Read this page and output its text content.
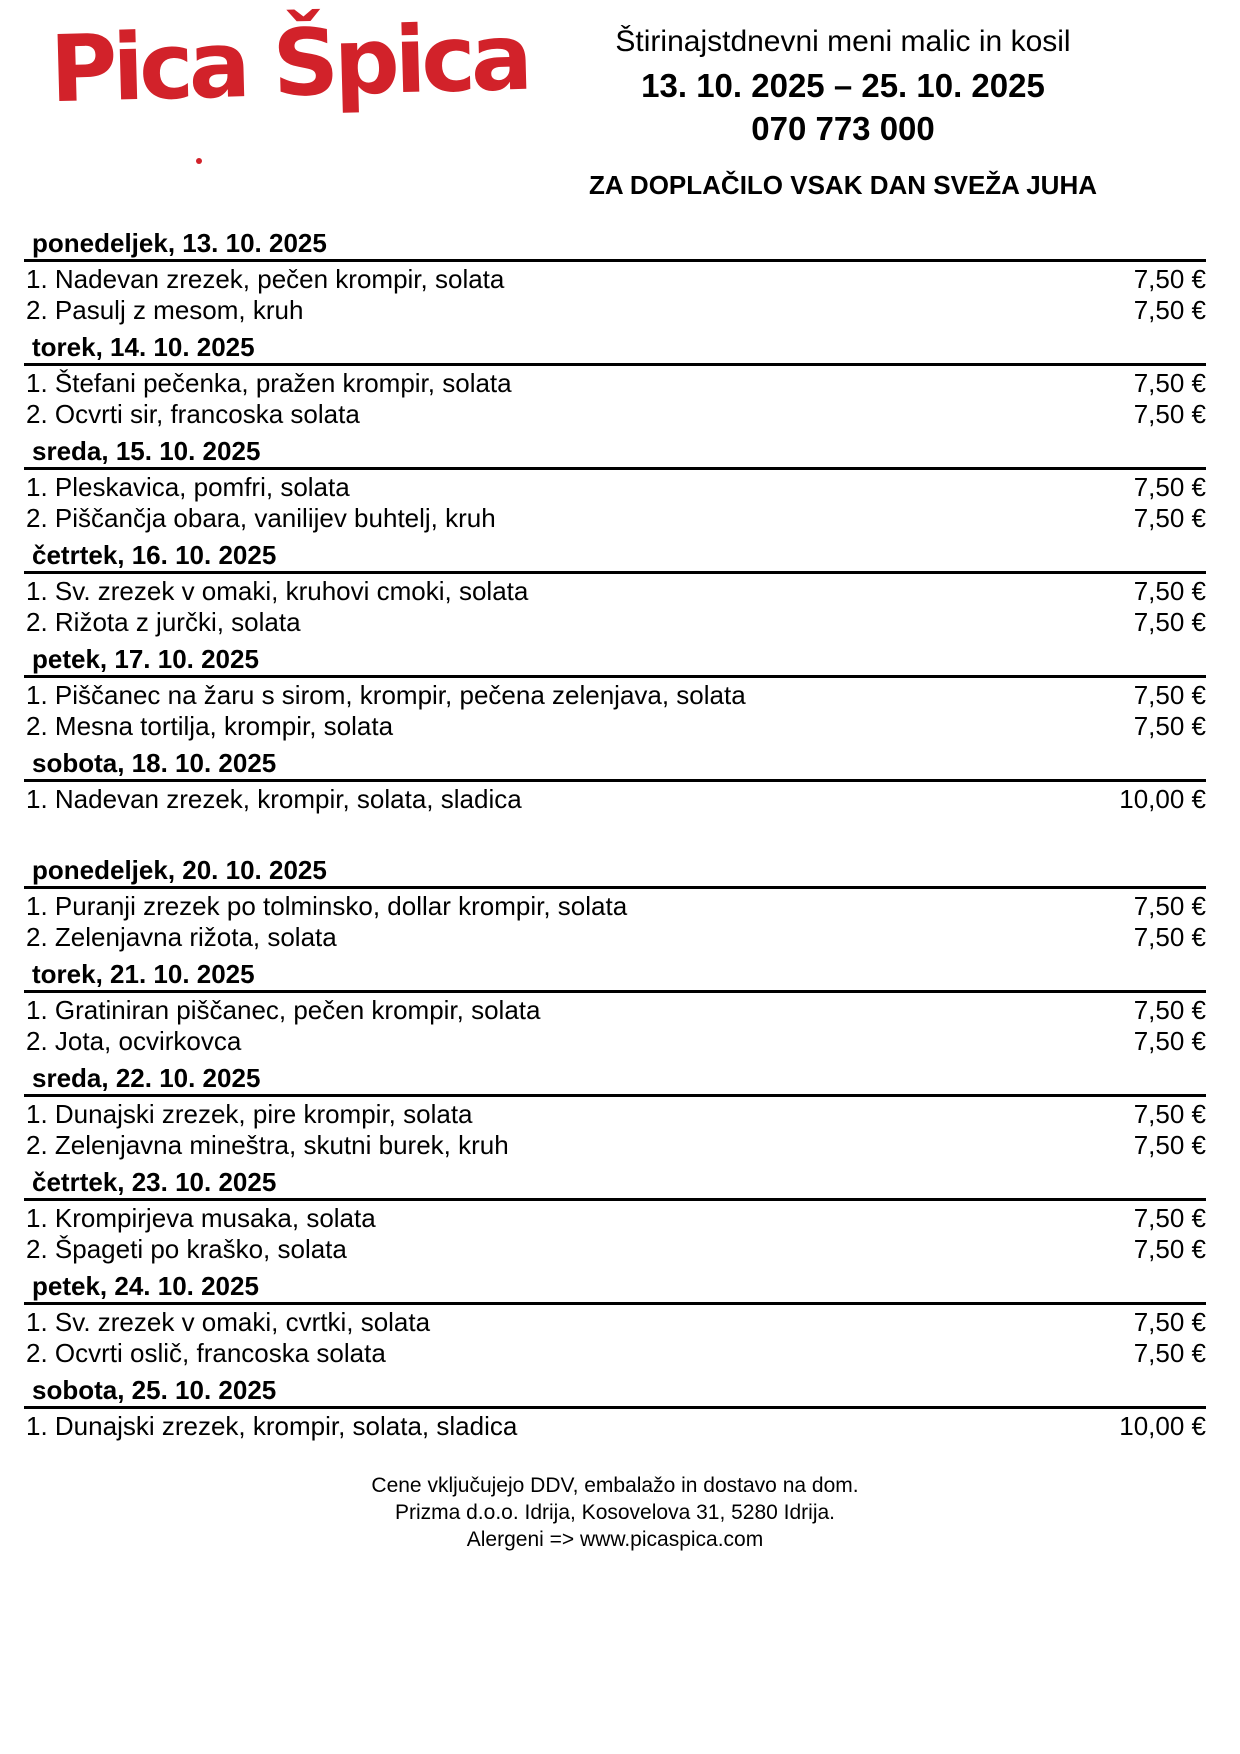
Pica Špica	Štirinajstdnevni meni malic in kosil
13. 10. 2025 – 25. 10. 2025
070 773 000
ZA DOPLAČILO VSAK DAN SVEŽA JUHA
ponedeljek, 13. 10. 2025
1. Nadevan zrezek, pečen krompir, solata	7,50 €
2. Pasulj z mesom, kruh	7,50 €
torek, 14. 10. 2025
1. Štefani pečenka, pražen krompir, solata	7,50 €
2. Ocvrti sir, francoska solata	7,50 €
sreda, 15. 10. 2025
1. Pleskavica, pomfri, solata	7,50 €
2. Piščančja obara, vanilijev buhtelj, kruh	7,50 €
četrtek, 16. 10. 2025
1. Sv. zrezek v omaki, kruhovi cmoki, solata	7,50 €
2. Rižota z jurčki, solata	7,50 €
petek, 17. 10. 2025
1. Piščanec na žaru s sirom, krompir, pečena zelenjava, solata	7,50 €
2. Mesna tortilja, krompir, solata	7,50 €
sobota, 18. 10. 2025
1. Nadevan zrezek, krompir, solata, sladica	10,00 €
ponedeljek, 20. 10. 2025
1. Puranji zrezek po tolminsko, dollar krompir, solata	7,50 €
2. Zelenjavna rižota, solata	7,50 €
torek, 21. 10. 2025
1. Gratiniran piščanec, pečen krompir, solata	7,50 €
2. Jota, ocvirkovca	7,50 €
sreda, 22. 10. 2025
1. Dunajski zrezek, pire krompir, solata	7,50 €
2. Zelenjavna mineštra, skutni burek, kruh	7,50 €
četrtek, 23. 10. 2025
1. Krompirjeva musaka, solata	7,50 €
2. Špageti po kraško, solata	7,50 €
petek, 24. 10. 2025
1. Sv. zrezek v omaki, cvrtki, solata	7,50 €
2. Ocvrti oslič, francoska solata	7,50 €
sobota, 25. 10. 2025
1. Dunajski zrezek, krompir, solata, sladica	10,00 €
Cene vključujejo DDV, embalažo in dostavo na dom.
Prizma d.o.o. Idrija, Kosovelova 31, 5280 Idrija.
Alergeni => www.picaspica.com
